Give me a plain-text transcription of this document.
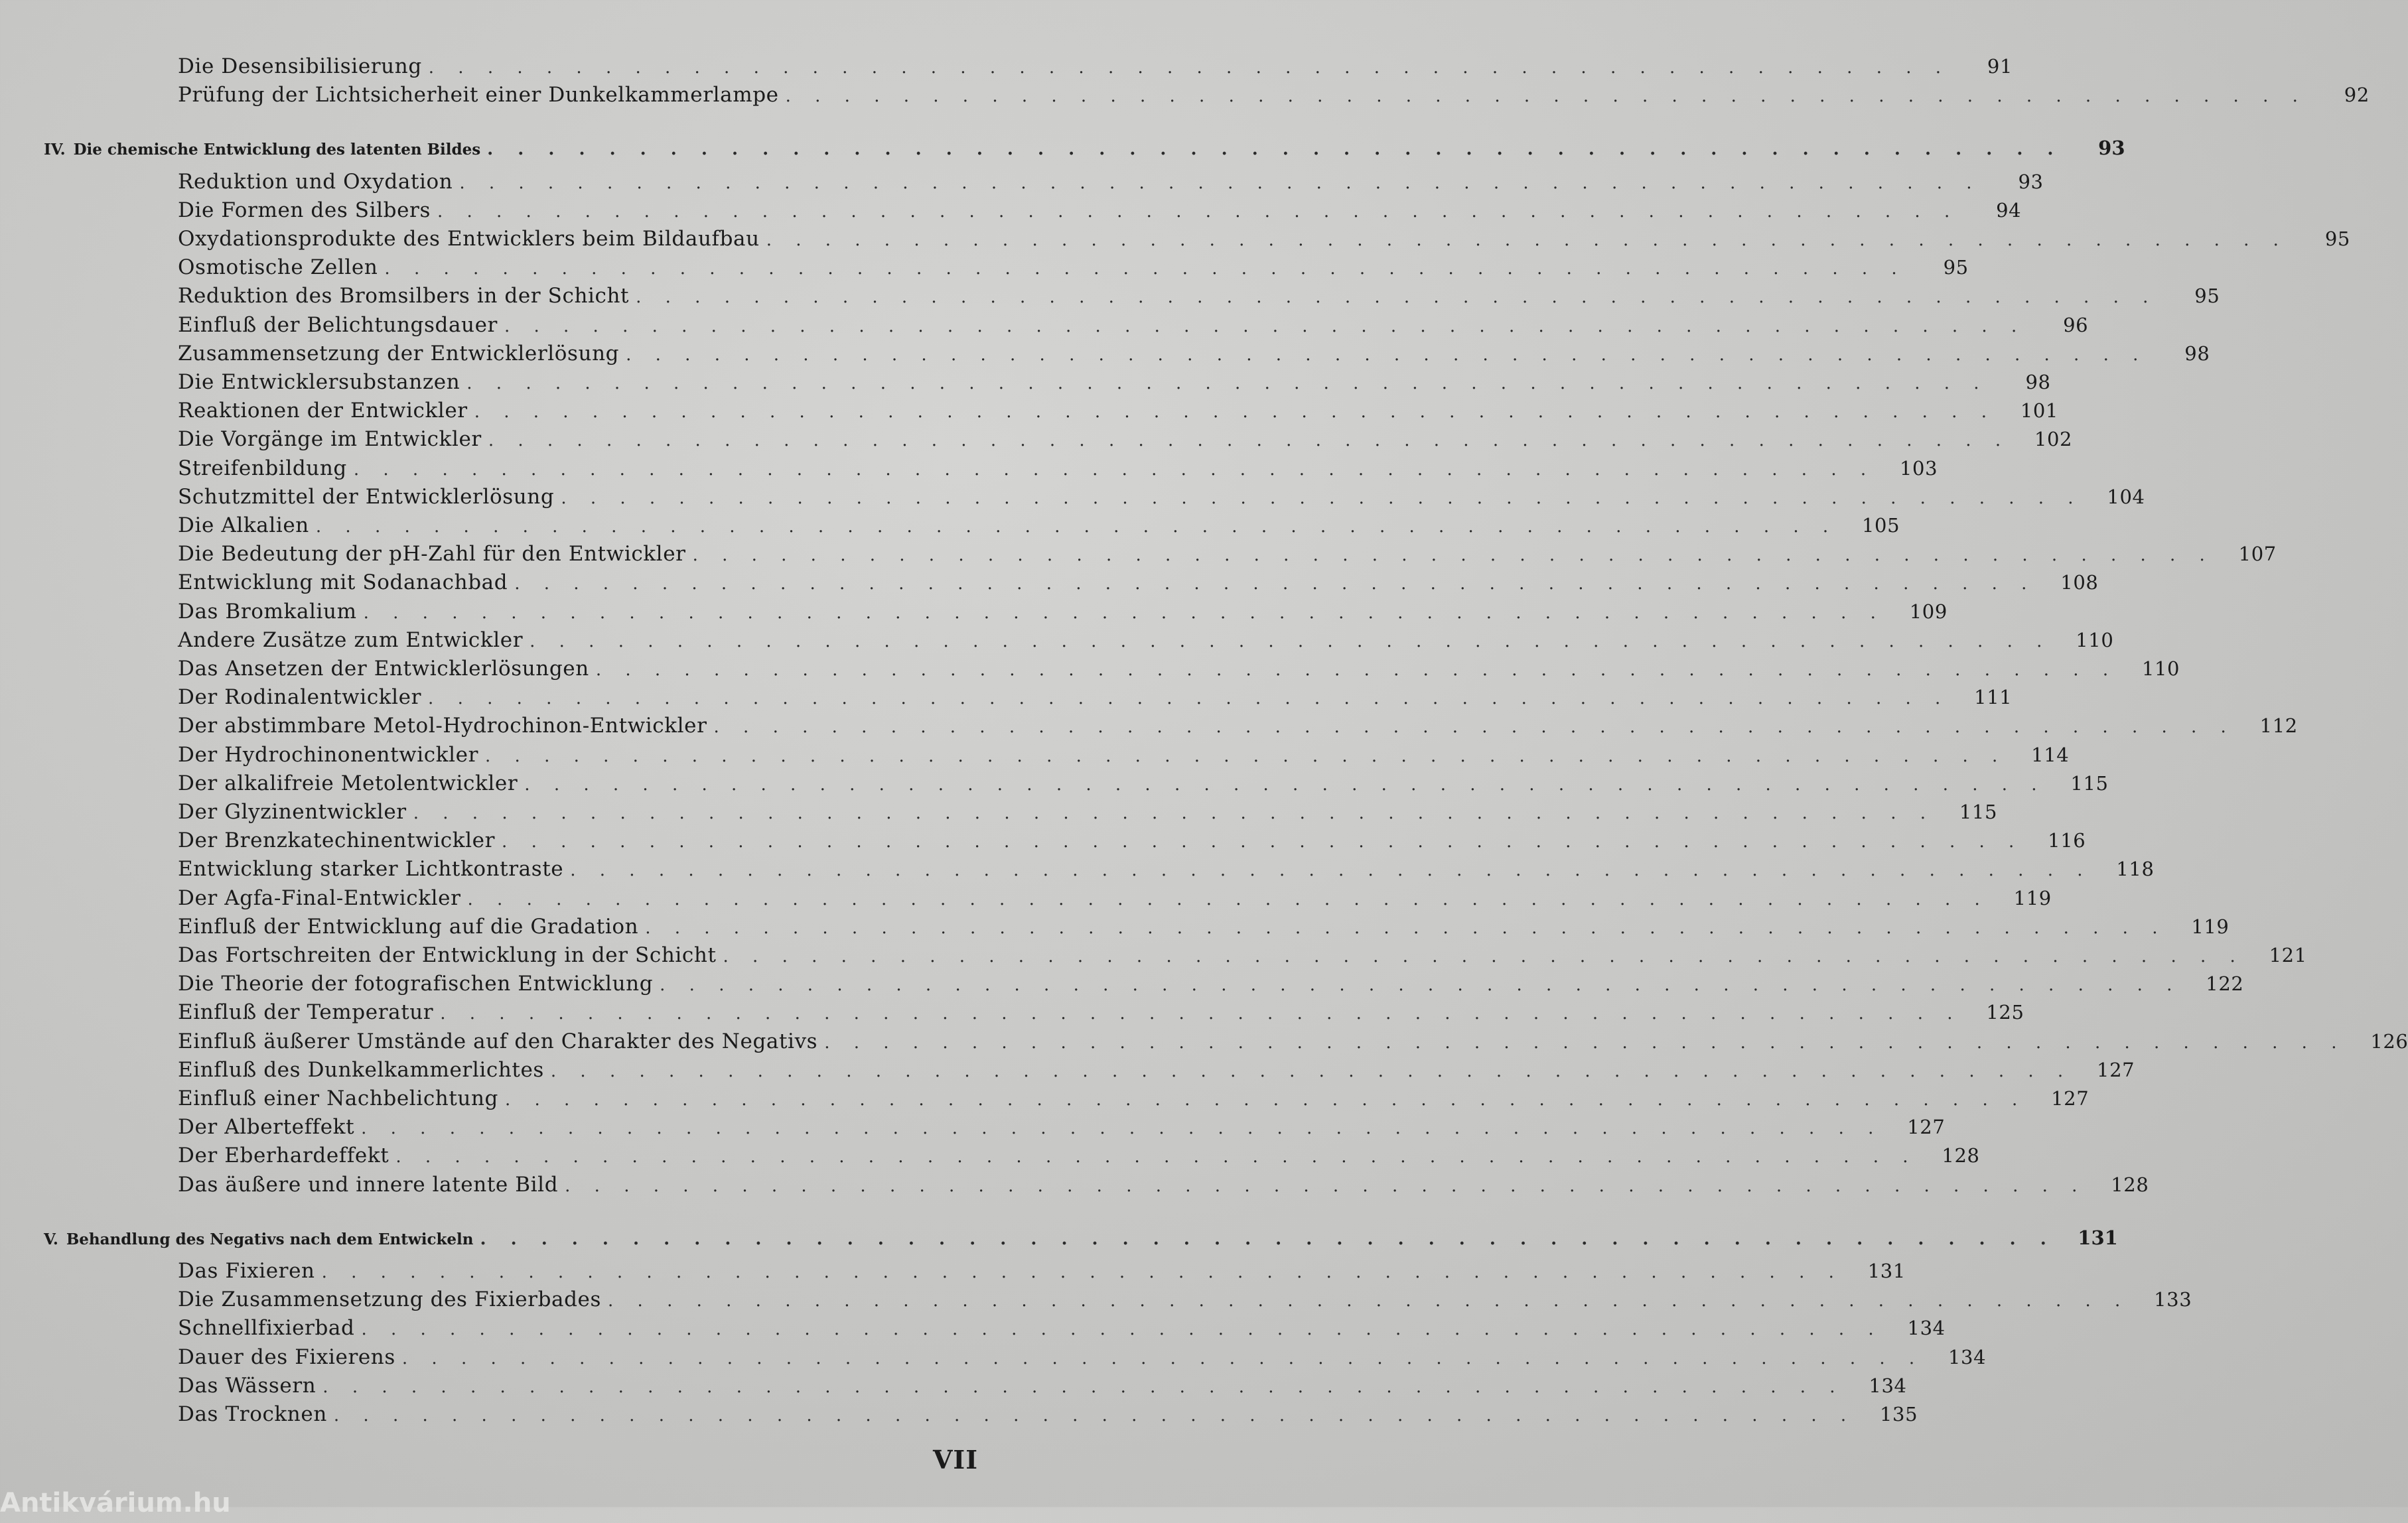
VII
Antikvárium.hu
Die Desensibilisierung . . . . . . . . . . . . . . . . . . . . . . . . . . . . . . . . . . . . . . . . . . . . . . . . . . . .	91
Prüfung der Lichtsicherheit einer Dunkelkammerlampe . . . . . . . . . . . . . . . . . . . . . . . . . . . . . . . . . . . . . . . . . . . . . . . . . . . .	92
IV. Die chemische Entwicklung des latenten Bildes . . . . . . . . . . . . . . . . . . . . . . . . . . . . . . . . . . . . . . . . . . . . . . . . . . . .	93
Reduktion und Oxydation . . . . . . . . . . . . . . . . . . . . . . . . . . . . . . . . . . . . . . . . . . . . . . . . . . . .	93
Die Formen des Silbers . . . . . . . . . . . . . . . . . . . . . . . . . . . . . . . . . . . . . . . . . . . . . . . . . . . .	94
Oxydationsprodukte des Entwicklers beim Bildaufbau . . . . . . . . . . . . . . . . . . . . . . . . . . . . . . . . . . . . . . . . . . . . . . . . . . . .	95
Osmotische Zellen . . . . . . . . . . . . . . . . . . . . . . . . . . . . . . . . . . . . . . . . . . . . . . . . . . . .	95
Reduktion des Bromsilbers in der Schicht . . . . . . . . . . . . . . . . . . . . . . . . . . . . . . . . . . . . . . . . . . . . . . . . . . . .	95
Einfluß der Belichtungsdauer . . . . . . . . . . . . . . . . . . . . . . . . . . . . . . . . . . . . . . . . . . . . . . . . . . . .	96
Zusammensetzung der Entwicklerlösung . . . . . . . . . . . . . . . . . . . . . . . . . . . . . . . . . . . . . . . . . . . . . . . . . . . .	98
Die Entwicklersubstanzen . . . . . . . . . . . . . . . . . . . . . . . . . . . . . . . . . . . . . . . . . . . . . . . . . . . .	98
Reaktionen der Entwickler . . . . . . . . . . . . . . . . . . . . . . . . . . . . . . . . . . . . . . . . . . . . . . . . . . . .	101
Die Vorgänge im Entwickler . . . . . . . . . . . . . . . . . . . . . . . . . . . . . . . . . . . . . . . . . . . . . . . . . . . .	102
Streifenbildung . . . . . . . . . . . . . . . . . . . . . . . . . . . . . . . . . . . . . . . . . . . . . . . . . . . .	103
Schutzmittel der Entwicklerlösung . . . . . . . . . . . . . . . . . . . . . . . . . . . . . . . . . . . . . . . . . . . . . . . . . . . .	104
Die Alkalien . . . . . . . . . . . . . . . . . . . . . . . . . . . . . . . . . . . . . . . . . . . . . . . . . . . .	105
Die Bedeutung der pH-Zahl für den Entwickler . . . . . . . . . . . . . . . . . . . . . . . . . . . . . . . . . . . . . . . . . . . . . . . . . . . .	107
Entwicklung mit Sodanachbad . . . . . . . . . . . . . . . . . . . . . . . . . . . . . . . . . . . . . . . . . . . . . . . . . . . .	108
Das Bromkalium . . . . . . . . . . . . . . . . . . . . . . . . . . . . . . . . . . . . . . . . . . . . . . . . . . . .	109
Andere Zusätze zum Entwickler . . . . . . . . . . . . . . . . . . . . . . . . . . . . . . . . . . . . . . . . . . . . . . . . . . . .	110
Das Ansetzen der Entwicklerlösungen . . . . . . . . . . . . . . . . . . . . . . . . . . . . . . . . . . . . . . . . . . . . . . . . . . . .	110
Der Rodinalentwickler . . . . . . . . . . . . . . . . . . . . . . . . . . . . . . . . . . . . . . . . . . . . . . . . . . . .	111
Der abstimmbare Metol-Hydrochinon-Entwickler . . . . . . . . . . . . . . . . . . . . . . . . . . . . . . . . . . . . . . . . . . . . . . . . . . . .	112
Der Hydrochinonentwickler . . . . . . . . . . . . . . . . . . . . . . . . . . . . . . . . . . . . . . . . . . . . . . . . . . . .	114
Der alkalifreie Metolentwickler . . . . . . . . . . . . . . . . . . . . . . . . . . . . . . . . . . . . . . . . . . . . . . . . . . . .	115
Der Glyzinentwickler . . . . . . . . . . . . . . . . . . . . . . . . . . . . . . . . . . . . . . . . . . . . . . . . . . . .	115
Der Brenzkatechinentwickler . . . . . . . . . . . . . . . . . . . . . . . . . . . . . . . . . . . . . . . . . . . . . . . . . . . .	116
Entwicklung starker Lichtkontraste . . . . . . . . . . . . . . . . . . . . . . . . . . . . . . . . . . . . . . . . . . . . . . . . . . . .	118
Der Agfa-Final-Entwickler . . . . . . . . . . . . . . . . . . . . . . . . . . . . . . . . . . . . . . . . . . . . . . . . . . . .	119
Einfluß der Entwicklung auf die Gradation . . . . . . . . . . . . . . . . . . . . . . . . . . . . . . . . . . . . . . . . . . . . . . . . . . . .	119
Das Fortschreiten der Entwicklung in der Schicht . . . . . . . . . . . . . . . . . . . . . . . . . . . . . . . . . . . . . . . . . . . . . . . . . . . .	121
Die Theorie der fotografischen Entwicklung . . . . . . . . . . . . . . . . . . . . . . . . . . . . . . . . . . . . . . . . . . . . . . . . . . . .	122
Einfluß der Temperatur . . . . . . . . . . . . . . . . . . . . . . . . . . . . . . . . . . . . . . . . . . . . . . . . . . . .	125
Einfluß äußerer Umstände auf den Charakter des Negativs . . . . . . . . . . . . . . . . . . . . . . . . . . . . . . . . . . . . . . . . . . . . . . . . . . . .	126
Einfluß des Dunkelkammerlichtes . . . . . . . . . . . . . . . . . . . . . . . . . . . . . . . . . . . . . . . . . . . . . . . . . . . .	127
Einfluß einer Nachbelichtung . . . . . . . . . . . . . . . . . . . . . . . . . . . . . . . . . . . . . . . . . . . . . . . . . . . .	127
Der Alberteffekt . . . . . . . . . . . . . . . . . . . . . . . . . . . . . . . . . . . . . . . . . . . . . . . . . . . .	127
Der Eberhardeffekt . . . . . . . . . . . . . . . . . . . . . . . . . . . . . . . . . . . . . . . . . . . . . . . . . . . .	128
Das äußere und innere latente Bild . . . . . . . . . . . . . . . . . . . . . . . . . . . . . . . . . . . . . . . . . . . . . . . . . . . .	128
V. Behandlung des Negativs nach dem Entwickeln . . . . . . . . . . . . . . . . . . . . . . . . . . . . . . . . . . . . . . . . . . . . . . . . . . . .	131
Das Fixieren . . . . . . . . . . . . . . . . . . . . . . . . . . . . . . . . . . . . . . . . . . . . . . . . . . . .	131
Die Zusammensetzung des Fixierbades . . . . . . . . . . . . . . . . . . . . . . . . . . . . . . . . . . . . . . . . . . . . . . . . . . . .	133
Schnellfixierbad . . . . . . . . . . . . . . . . . . . . . . . . . . . . . . . . . . . . . . . . . . . . . . . . . . . .	134
Dauer des Fixierens . . . . . . . . . . . . . . . . . . . . . . . . . . . . . . . . . . . . . . . . . . . . . . . . . . . .	134
Das Wässern . . . . . . . . . . . . . . . . . . . . . . . . . . . . . . . . . . . . . . . . . . . . . . . . . . . .	134
Das Trocknen . . . . . . . . . . . . . . . . . . . . . . . . . . . . . . . . . . . . . . . . . . . . . . . . . . . .	135
